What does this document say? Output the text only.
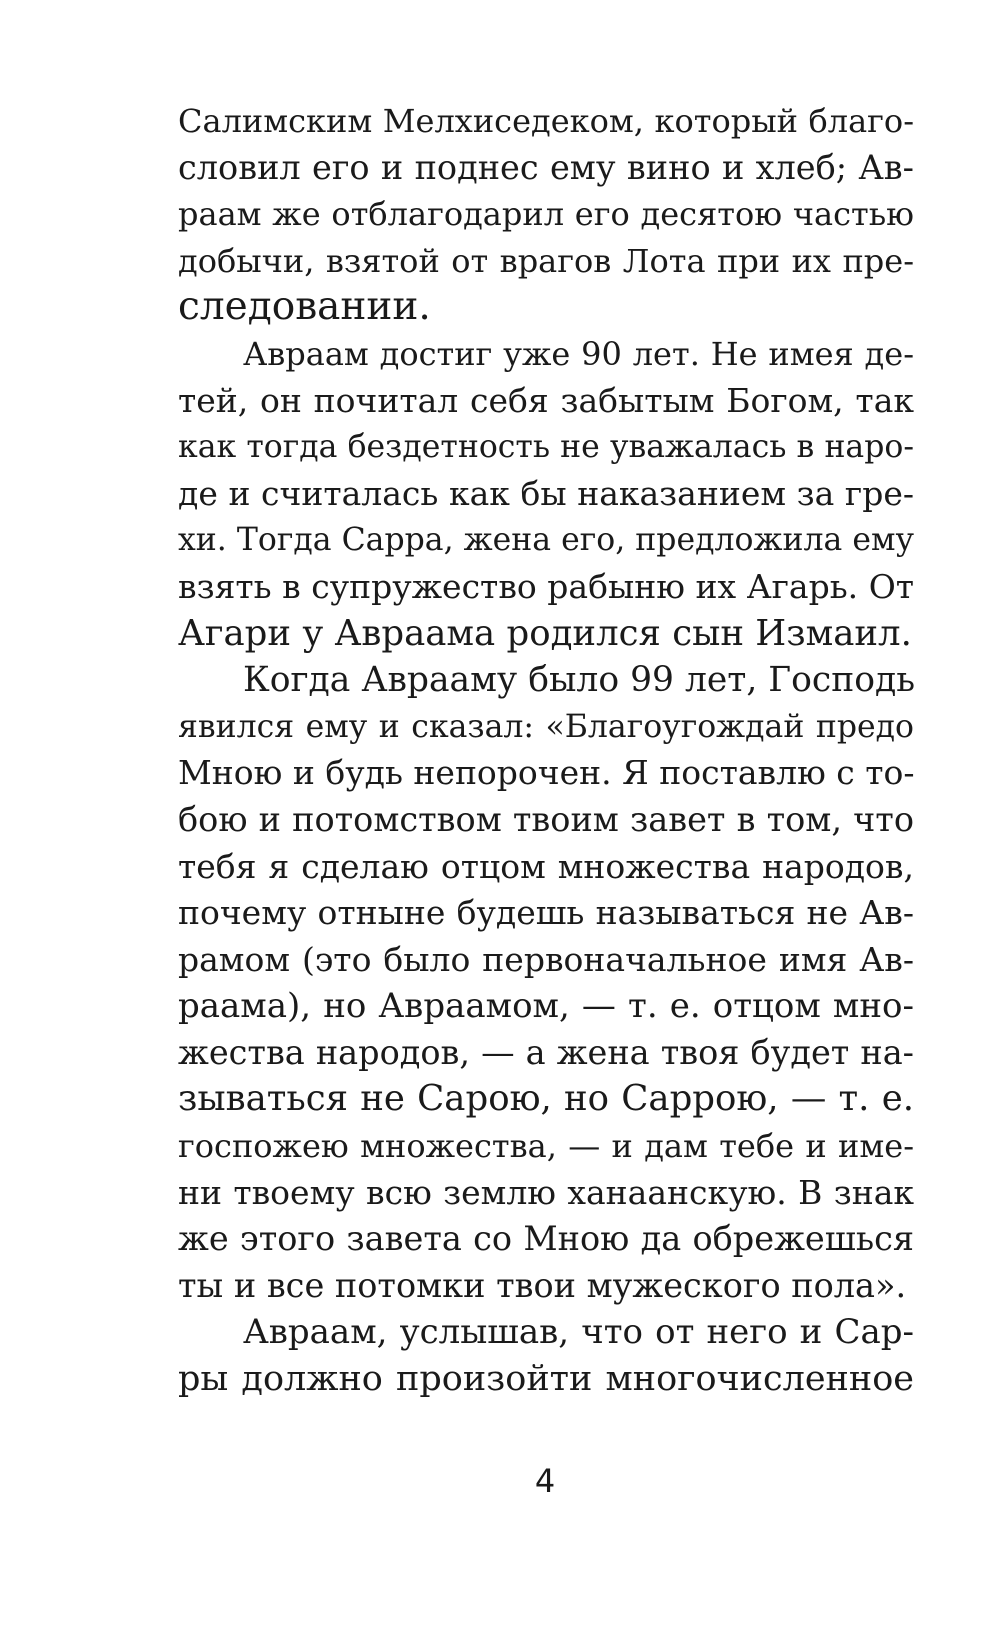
Салимским Мелхиседеком, который благо-
словил его и поднес ему вино и хлеб; Ав-
раам же отблагодарил его десятою частью
добычи, взятой от врагов Лота при их пре-
следовании.
Авраам достиг уже 90 лет. Не имея де-
тей, он почитал себя забытым Богом, так
как тогда бездетность не уважалась в наро-
де и считалась как бы наказанием за гре-
хи. Тогда Сарра, жена его, предложила ему
взять в супружество рабыню их Агарь. От
Агари у Авраама родился сын Измаил.
Когда Аврааму было 99 лет, Господь
явился ему и сказал: «Благоугождай предо
Мною и будь непорочен. Я поставлю с то-
бою и потомством твоим завет в том, что
тебя я сделаю отцом множества народов,
почему отныне будешь называться не Ав-
рамом (это было первоначальное имя Ав-
раама), но Авраамом, — т. е. отцом мно-
жества народов, — а жена твоя будет на-
зываться не Сарою, но Саррою, — т. е.
госпожею множества, — и дам тебе и име-
ни твоему всю землю ханаанскую. В знак
же этого завета со Мною да обрежешься
ты и все потомки твои мужеского пола».
Авраам, услышав, что от него и Сар-
ры должно произойти многочисленное
4
